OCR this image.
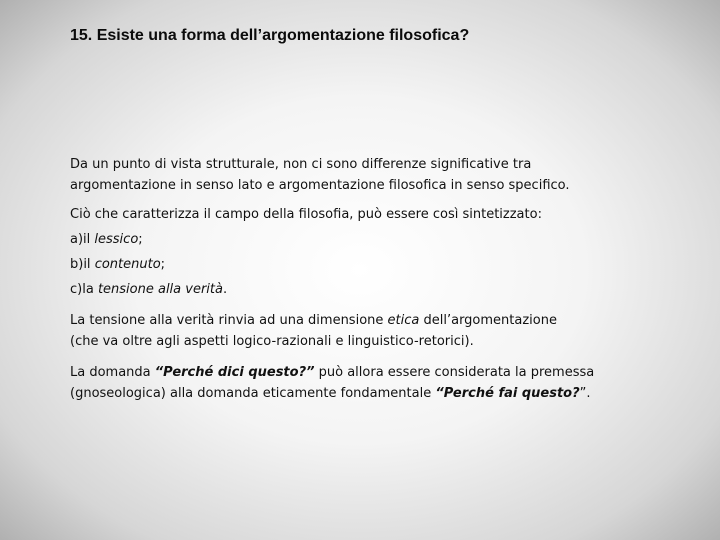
15. Esiste una forma dell’argomentazione filosofica?

Da un punto di vista strutturale, non ci sono differenze significative tra
argomentazione in senso lato e argomentazione filosofica in senso specifico.

Ciò che caratterizza il campo della filosofia, può essere così sintetizzato:

a)il lessico;

b)il contenuto;

c)la tensione alla verità.

La tensione alla verità rinvia ad una dimensione etica dell’argomentazione
(che va oltre agli aspetti logico-razionali e linguistico-retorici).

La domanda “Perché dici questo?” può allora essere considerata la premessa
(gnoseologica) alla domanda eticamente fondamentale “Perché fai questo?”.
